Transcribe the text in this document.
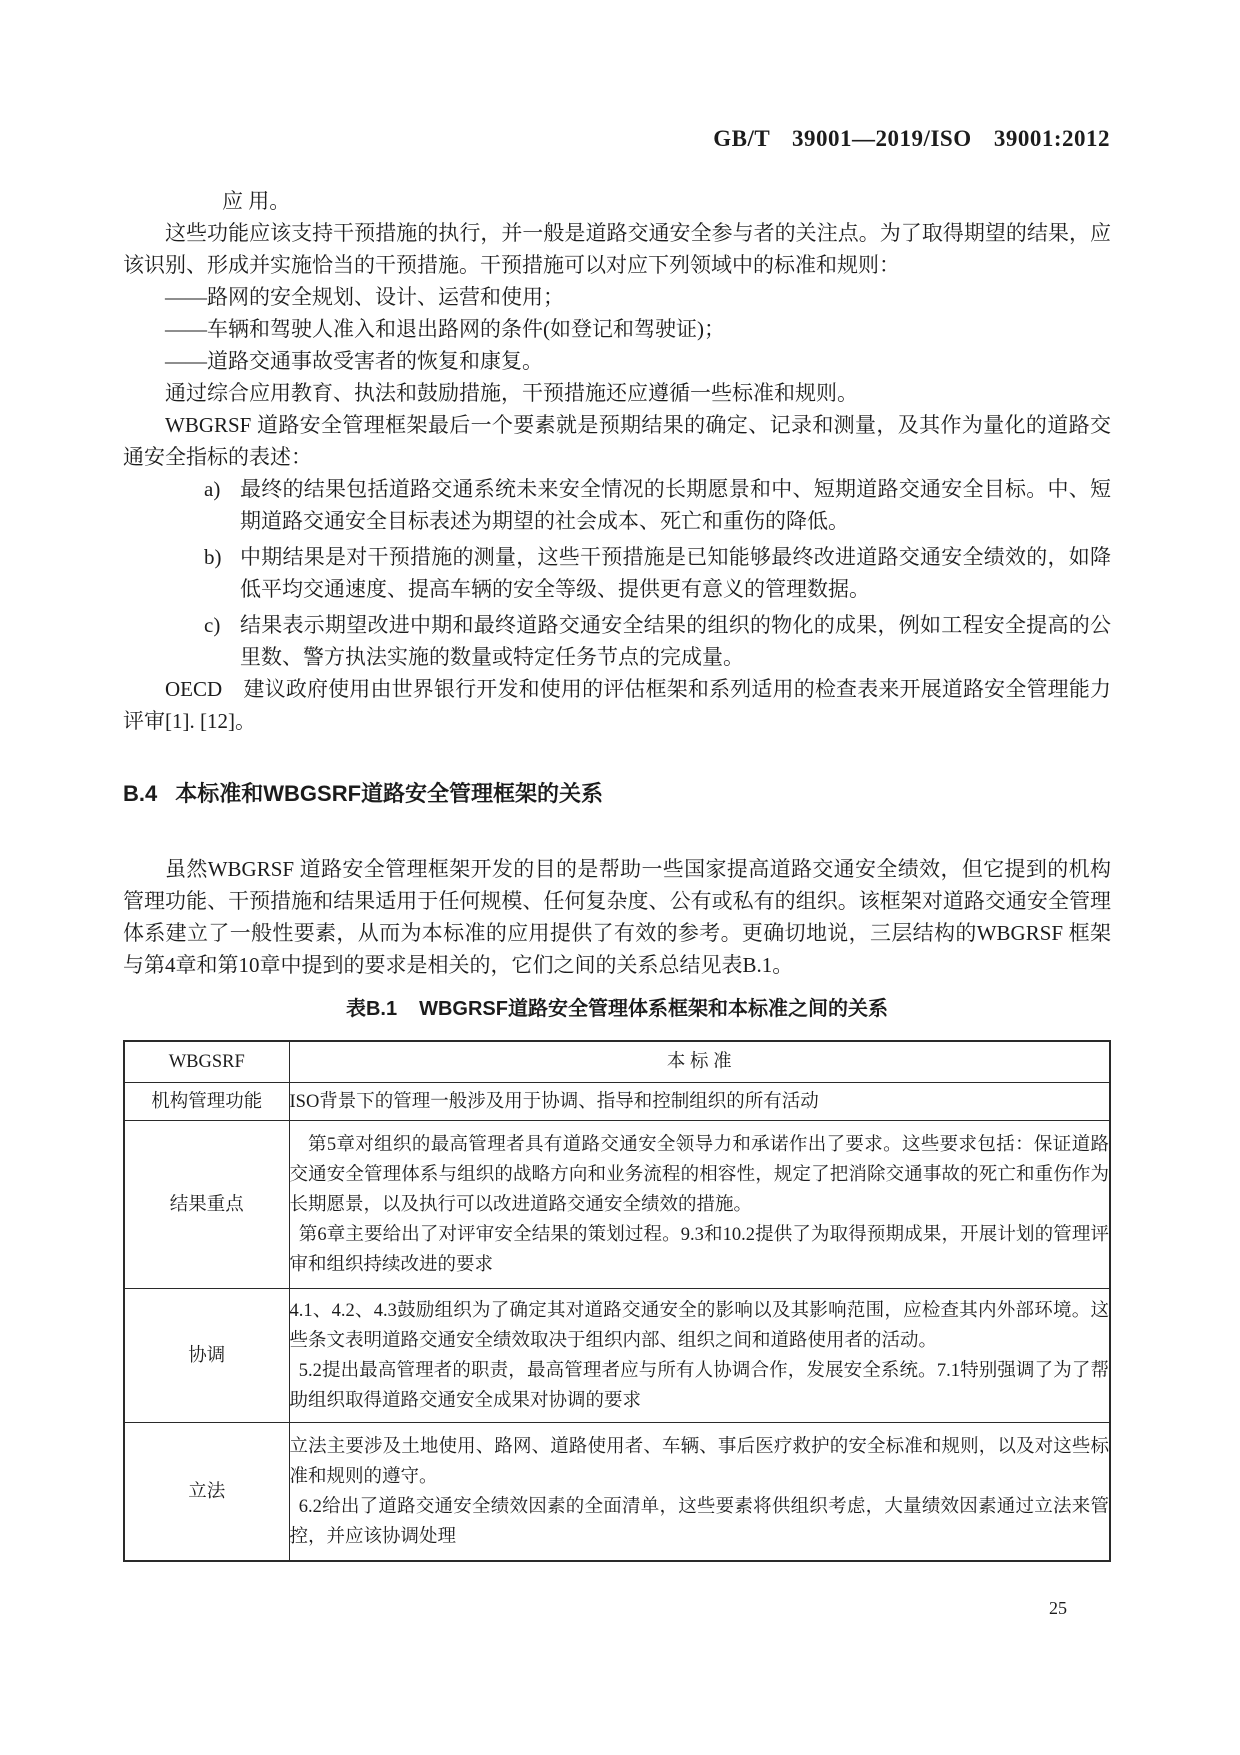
GB/T 39001—2019/ISO 39001:2012

应 用。

这些功能应该支持干预措施的执行，并一般是道路交通安全参与者的关注点。为了取得期望的结果，应该识别、形成并实施恰当的干预措施。干预措施可以对应下列领域中的标准和规则：

——路网的安全规划、设计、运营和使用；

——车辆和驾驶人准入和退出路网的条件(如登记和驾驶证)；

——道路交通事故受害者的恢复和康复。

通过综合应用教育、执法和鼓励措施，干预措施还应遵循一些标准和规则。

WBGRSF 道路安全管理框架最后一个要素就是预期结果的确定、记录和测量，及其作为量化的道路交通安全指标的表述：

a) 最终的结果包括道路交通系统未来安全情况的长期愿景和中、短期道路交通安全目标。中、短期道路交通安全目标表述为期望的社会成本、死亡和重伤的降低。
b) 中期结果是对干预措施的测量，这些干预措施是已知能够最终改进道路交通安全绩效的，如降低平均交通速度、提高车辆的安全等级、提供更有意义的管理数据。
c) 结果表示期望改进中期和最终道路交通安全结果的组织的物化的成果，例如工程安全提高的公里数、警方执法实施的数量或特定任务节点的完成量。

OECD　建议政府使用由世界银行开发和使用的评估框架和系列适用的检查表来开展道路安全管理能力评审[1]. [12]。

B.4 本标准和WBGSRF道路安全管理框架的关系

虽然WBGRSF 道路安全管理框架开发的目的是帮助一些国家提高道路交通安全绩效，但它提到的机构管理功能、干预措施和结果适用于任何规模、任何复杂度、公有或私有的组织。该框架对道路交通安全管理体系建立了一般性要素，从而为本标准的应用提供了有效的参考。更确切地说，三层结构的WBGRSF 框架与第4章和第10章中提到的要求是相关的，它们之间的关系总结见表B.1。

表B.1 WBGRSF道路安全管理体系框架和本标准之间的关系
WBGSRF	本 标 准
机构管理功能	ISO背景下的管理一般涉及用于协调、指导和控制组织的所有活动

结果重点	第5章对组织的最高管理者具有道路交通安全领导力和承诺作出了要求。这些要求包括：保证道路交通安全管理体系与组织的战略方向和业务流程的相容性，规定了把消除交通事故的死亡和重伤作为长期愿景，以及执行可以改进道路交通安全绩效的措施。

第6章主要给出了对评审安全结果的策划过程。9.3和10.2提供了为取得预期成果，开展计划的管理评审和组织持续改进的要求

协调	4.1、4.2、4.3鼓励组织为了确定其对道路交通安全的影响以及其影响范围，应检查其内外部环境。这些条文表明道路交通安全绩效取决于组织内部、组织之间和道路使用者的活动。

5.2提出最高管理者的职责，最高管理者应与所有人协调合作，发展安全系统。7.1特别强调了为了帮助组织取得道路交通安全成果对协调的要求

立法	立法主要涉及土地使用、路网、道路使用者、车辆、事后医疗救护的安全标准和规则，以及对这些标准和规则的遵守。

6.2给出了道路交通安全绩效因素的全面清单，这些要素将供组织考虑，大量绩效因素通过立法来管控，并应该协调处理

25
